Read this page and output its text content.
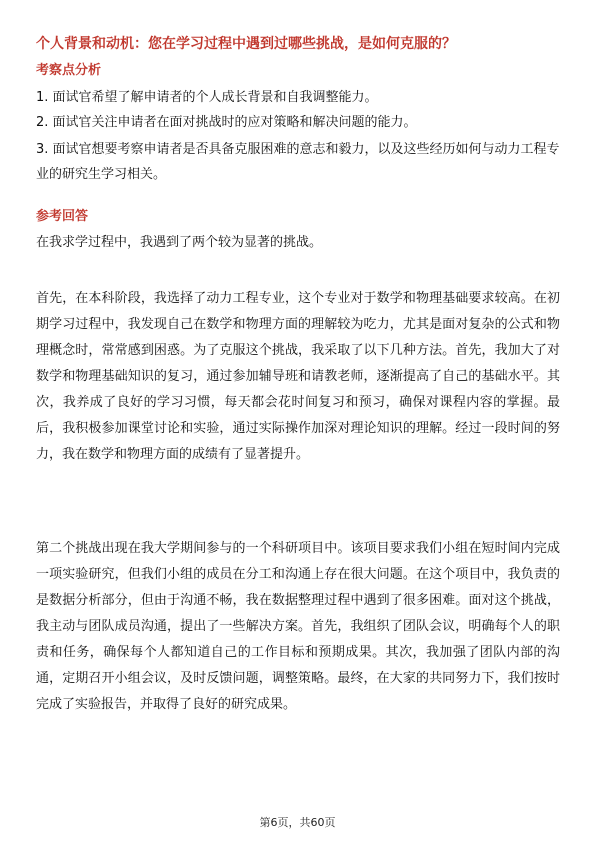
个人背景和动机：您在学习过程中遇到过哪些挑战，是如何克服的？
考察点分析
1. 面试官希望了解申请者的个人成长背景和自我调整能力。
2. 面试官关注申请者在面对挑战时的应对策略和解决问题的能力。
3. 面试官想要考察申请者是否具备克服困难的意志和毅力，以及这些经历如何与动力工程专业的研究生学习相关。
参考回答

在我求学过程中，我遇到了两个较为显著的挑战。

首先，在本科阶段，我选择了动力工程专业，这个专业对于数学和物理基础要求较高。在初期学习过程中，我发现自己在数学和物理方面的理解较为吃力，尤其是面对复杂的公式和物理概念时，常常感到困惑。为了克服这个挑战，我采取了以下几种方法。首先，我加大了对数学和物理基础知识的复习，通过参加辅导班和请教老师，逐渐提高了自己的基础水平。其次，我养成了良好的学习习惯，每天都会花时间复习和预习，确保对课程内容的掌握。最后，我积极参加课堂讨论和实验，通过实际操作加深对理论知识的理解。经过一段时间的努力，我在数学和物理方面的成绩有了显著提升。

第二个挑战出现在我大学期间参与的一个科研项目中。该项目要求我们小组在短时间内完成一项实验研究，但我们小组的成员在分工和沟通上存在很大问题。在这个项目中，我负责的是数据分析部分，但由于沟通不畅，我在数据整理过程中遇到了很多困难。面对这个挑战，我主动与团队成员沟通，提出了一些解决方案。首先，我组织了团队会议，明确每个人的职责和任务，确保每个人都知道自己的工作目标和预期成果。其次，我加强了团队内部的沟通，定期召开小组会议，及时反馈问题，调整策略。最终，在大家的共同努力下，我们按时完成了实验报告，并取得了良好的研究成果。

第6页，共60页
